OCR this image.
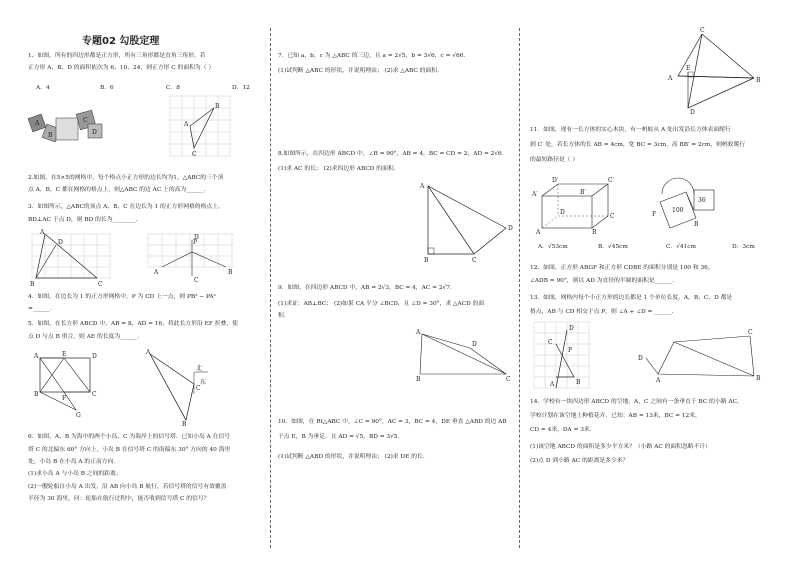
专题02 勾股定理
1、如图，所有的四边形都是正方形，所有三角形都是直角三角形，若
正方形 A、B、D 的面积依次为 6、10、24，则正方形 C 的面积为（ ）
A．4	B．6	C．8	D．12
A
B
C
D
A
B
C
2.如图，在5×5的网格中，每个格点小正方形的边长均为1，△ABC的三个顶
点 A，B，C 都在网格的格点上，则△ABC 的边 AC 上的高为______.
3．如图所示，△ABC的顶点 A、B、C 在边长为 1 的正方形网格的格点上，
BD⊥AC 于点 D，则 BD 的长为________.
A
B	C
D	P
A	B
C
D
4．如图，在边长为 1 的正方形网格中，P 为 CD 上一点，则 PB² − PA²
=______.
5．如图，在长方形 ABCD 中，AB = 8，AD = 16，将此长方形沿 EF 折叠，使
点 D 与点 B 重合，则 AE 的长度为______.
A	E	D
B
F
C
G
东
北
A
B
C
6．如图，A、B 为海中的两个小岛，C 为海岸上的信号塔．已知小岛 A 在信号
塔 C 的北偏东 60° 方向上，小岛 B 在信号塔 C 的南偏东 30° 方向的 40 海里
处，小岛 B 在小岛 A 的正南方向．
(1)求小岛 A 与小岛 B 之间的距离；
(2)一艘轮船自小岛 A 出发，沿 AB 向小岛 B 航行，若信号塔的信号有效覆盖
半径为 30 海里，问：轮船在航行过程中，能否收到信号塔 C 的信号？
7．已知 a，b，c 为 △ABC 的三边，且 a = 2√5，b = 3√6，c = √66．
(1)试判断 △ABC 的形状，并说明理由； (2)求 △ABC 的面积．
8.如图所示，在四边形 ABCD 中，∠B = 90°，AB = 4，BC = CD = 2，AD = 2√6．
(1)求 AC 的长； (2)求四边形 ABCD 的面积．
A
B	C
D
9．如图，在四边形 ABCD 中，AB = 2√3，BC = 4，AC = 2√7．
(1)求证：AB⊥BC； (2)如果 CA 平分 ∠BCD，且 ∠D = 30°，求 △ACD 的面
积．
A
B	C
D
10．如图，在 Rt△ABC 中，∠C = 90°，AC = 3，BC = 4，DE 垂直 △ABD 的边 AB
于点 E，B 为垂足．且 AD = √5，BD = 3√5．
(1)试判断 △ABD 的形状，并说明理由； (2)求 DE 的长．
C
A
E
B
D
11．如图，现有一长方体的实心木块，有一蚂蚁从 A 处出发沿长方体表面爬行
到 C′ 处，若长方体的长 AB = 4cm，宽 BC = 3cm，高 BB′ = 2cm，则蚂蚁爬行
的最短路径是（ ）
D′
A′	B′
C′
D
C
A	B
100
36
F
B
A．√53cm	B．√45cm	C．√41cm	D．3cm
12．如图，正方形 ABGF 和正方形 CDBE 的面积分别是 100 和 36，
∠ADB = 90°，则以 AD 为直径的半圆的面积是______.
13．如图，网格内每个小正方形的边长都是 1 个单位长度，A，B，C，D 都是
格点，AB 与 CD 相交于点 P，则 ∠A + ∠D = ______.
C
P
D
A	B
C
D
A	B
14．学校有一块四边形 ABCD 的空地，A，C 之间有一条垂直于 BC 的小路 AC，
学校计划在该空地上种植花卉．已知：AB = 13米，BC = 12米，
CD = 4米，DA = 3米．
(1)该空地 ABCD 的面积是多少平方米？（小路 AC 的面积忽略不计）
(2)点 D 到小路 AC 的距离是多少米？
